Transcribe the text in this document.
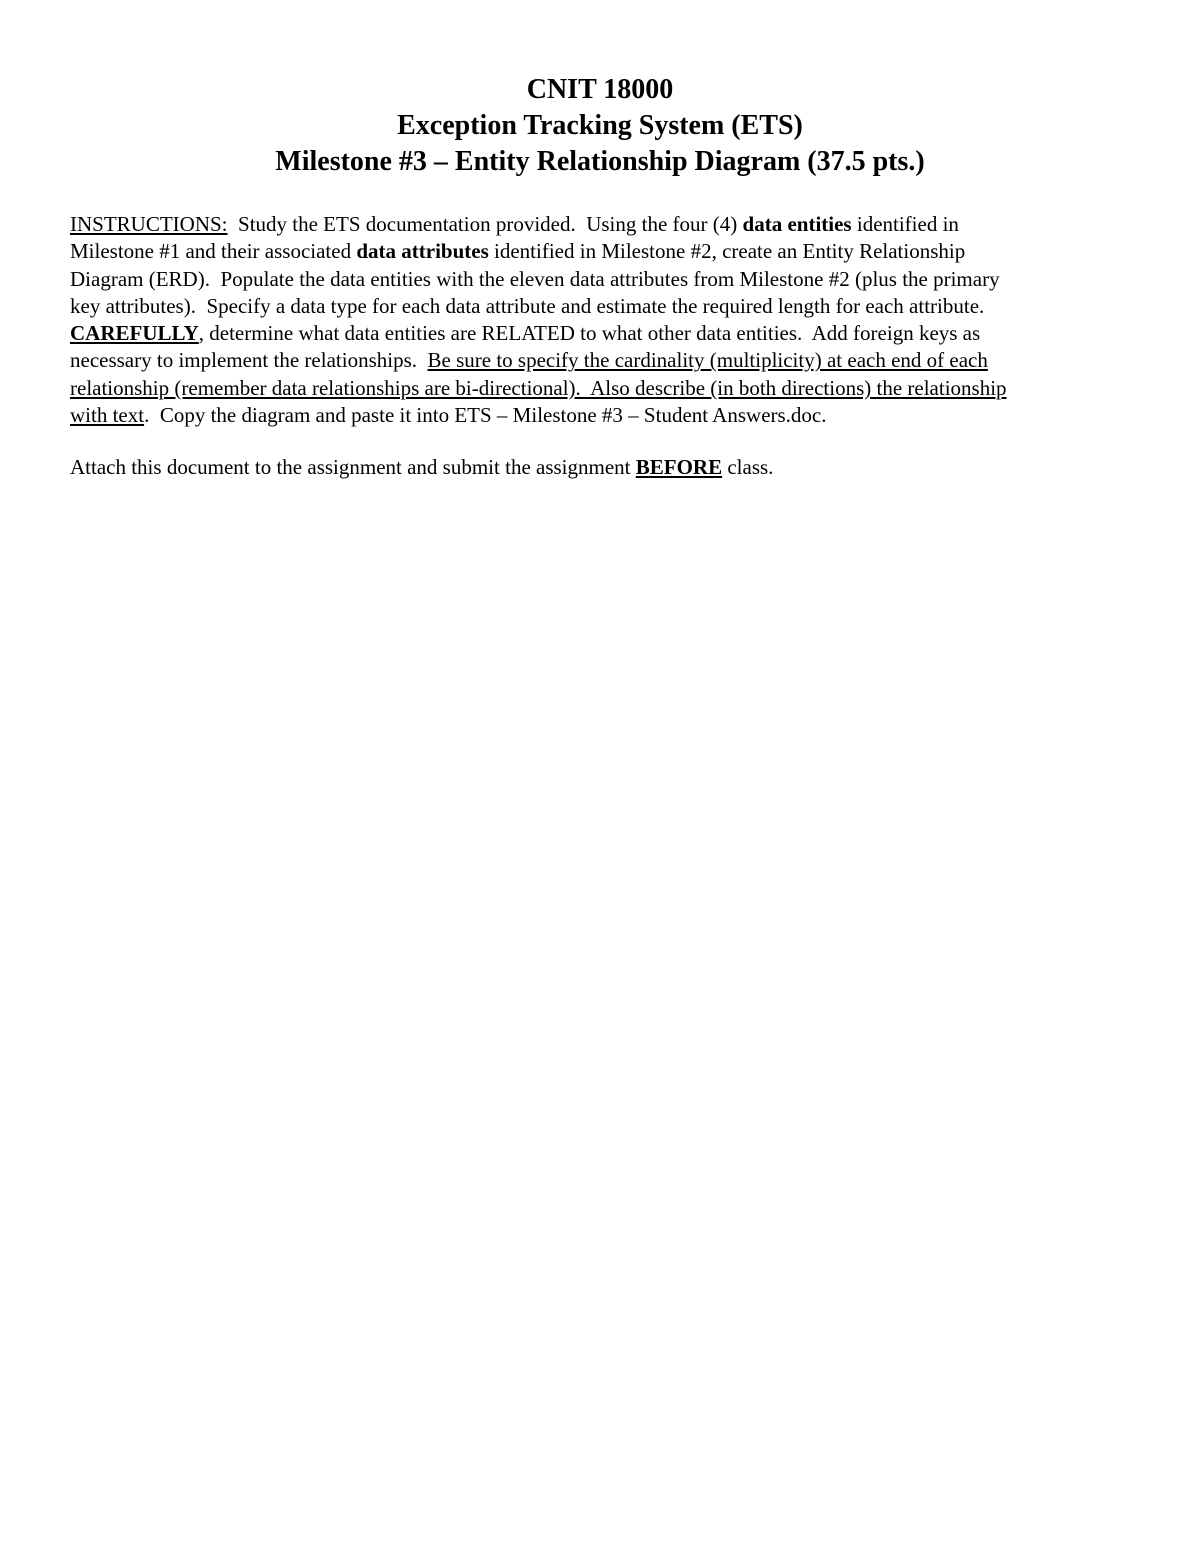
CNIT 18000
Exception Tracking System (ETS)
Milestone #3 – Entity Relationship Diagram (37.5 pts.)

INSTRUCTIONS:  Study the ETS documentation provided.  Using the four (4) data entities identified in
Milestone #1 and their associated data attributes identified in Milestone #2, create an Entity Relationship
Diagram (ERD).  Populate the data entities with the eleven data attributes from Milestone #2 (plus the primary
key attributes).  Specify a data type for each data attribute and estimate the required length for each attribute.
CAREFULLY, determine what data entities are RELATED to what other data entities.  Add foreign keys as
necessary to implement the relationships.  Be sure to specify the cardinality (multiplicity) at each end of each
relationship (remember data relationships are bi-directional).  Also describe (in both directions) the relationship
with text.  Copy the diagram and paste it into ETS – Milestone #3 – Student Answers.doc.

Attach this document to the assignment and submit the assignment BEFORE class.
